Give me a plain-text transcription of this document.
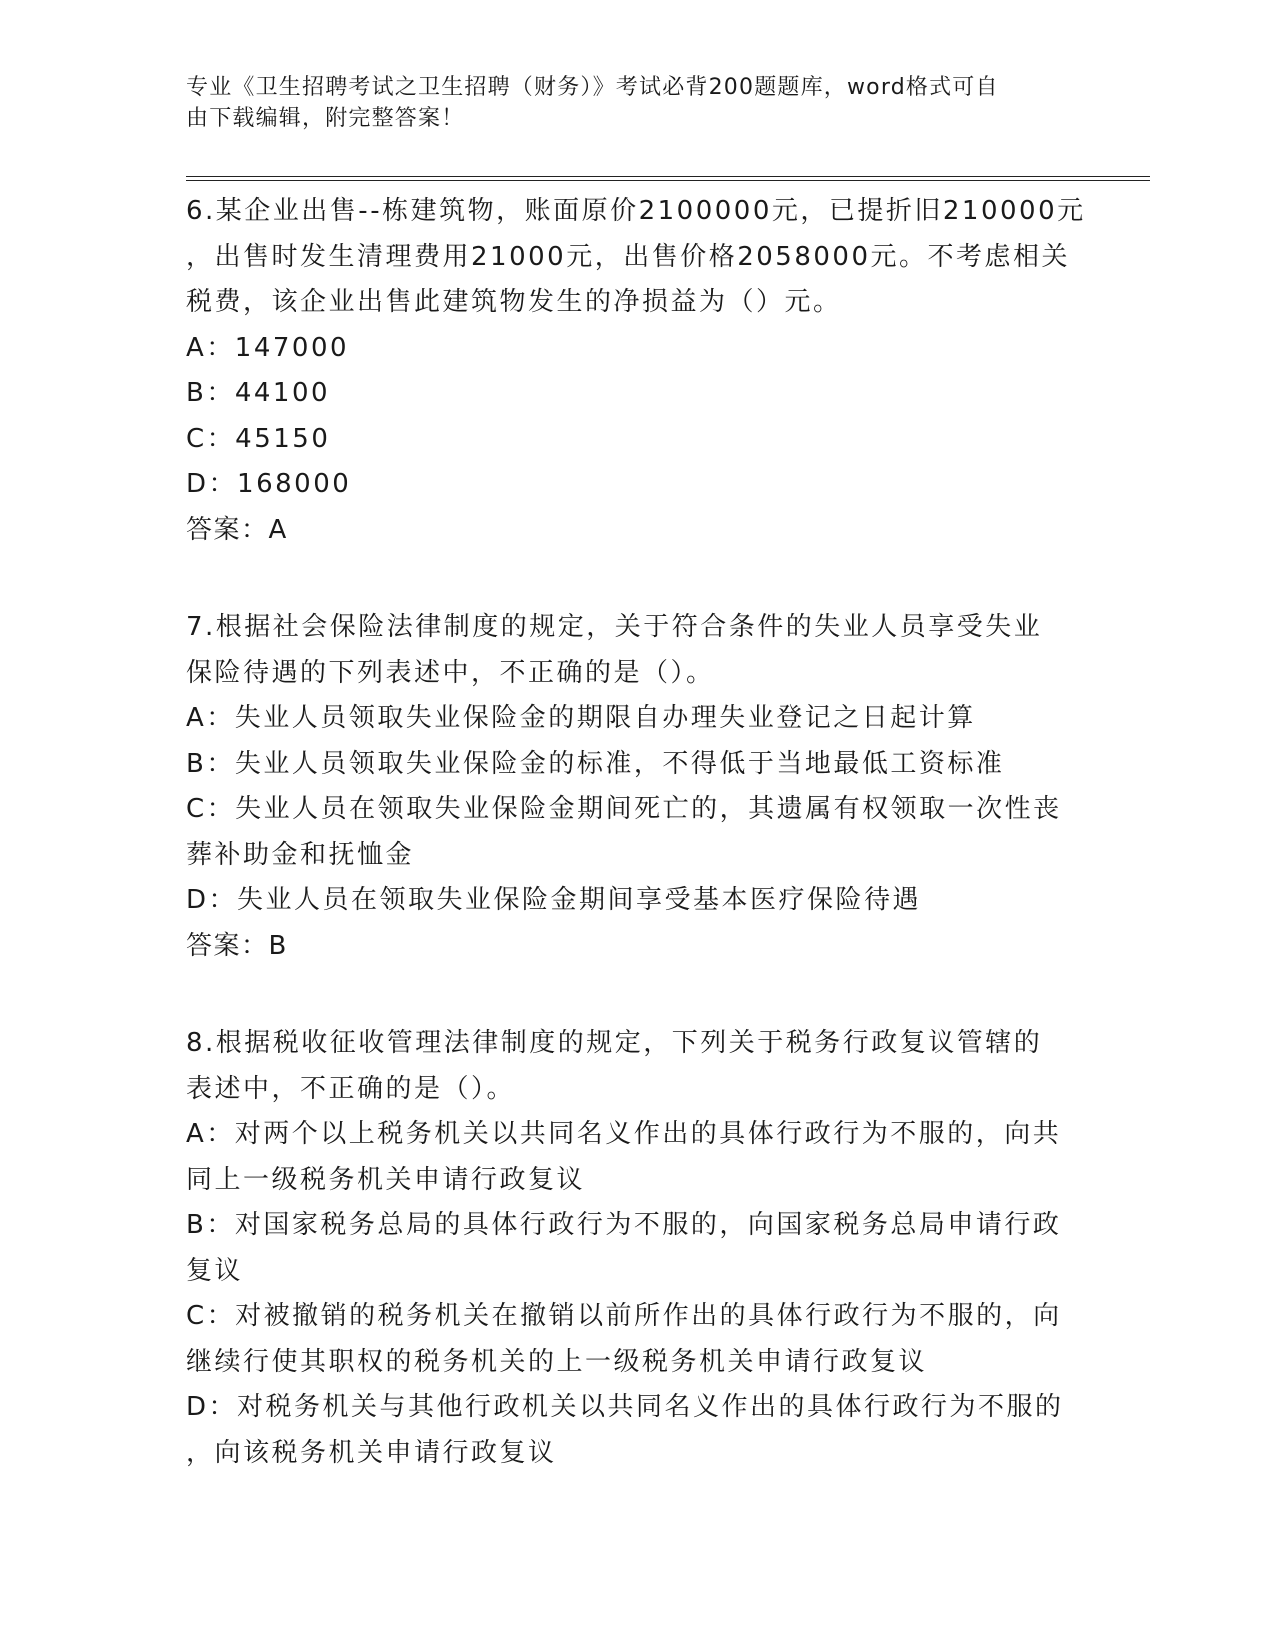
专业《卫生招聘考试之卫生招聘（财务）》考试必背200题题库，word格式可自
由下载编辑，附完整答案！

6.某企业出售--栋建筑物，账面原价2100000元，已提折旧210000元

，出售时发生清理费用21000元，出售价格2058000元。不考虑相关

税费，该企业出售此建筑物发生的净损益为（）元。

A：147000

B：44100

C：45150

D：168000

答案：A

7.根据社会保险法律制度的规定，关于符合条件的失业人员享受失业

保险待遇的下列表述中，不正确的是（）。

A：失业人员领取失业保险金的期限自办理失业登记之日起计算

B：失业人员领取失业保险金的标准，不得低于当地最低工资标准

C：失业人员在领取失业保险金期间死亡的，其遗属有权领取一次性丧

葬补助金和抚恤金

D：失业人员在领取失业保险金期间享受基本医疗保险待遇

答案：B

8.根据税收征收管理法律制度的规定，下列关于税务行政复议管辖的

表述中，不正确的是（）。

A：对两个以上税务机关以共同名义作出的具体行政行为不服的，向共

同上一级税务机关申请行政复议

B：对国家税务总局的具体行政行为不服的，向国家税务总局申请行政

复议

C：对被撤销的税务机关在撤销以前所作出的具体行政行为不服的，向

继续行使其职权的税务机关的上一级税务机关申请行政复议

D：对税务机关与其他行政机关以共同名义作出的具体行政行为不服的

，向该税务机关申请行政复议
